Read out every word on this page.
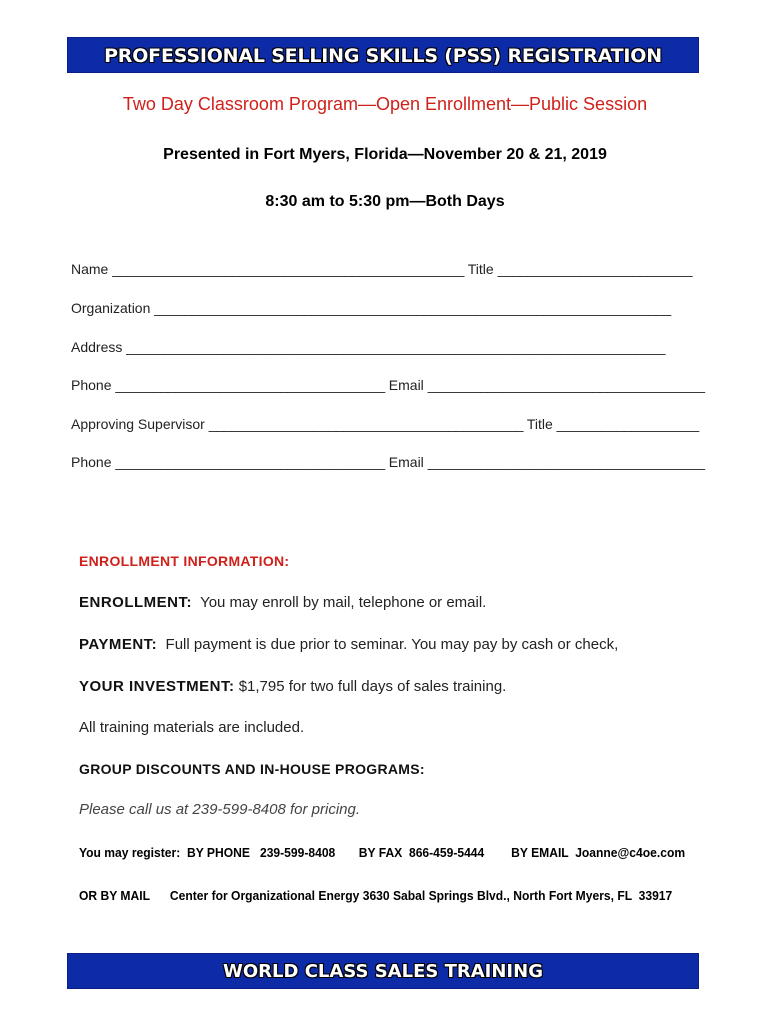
PROFESSIONAL SELLING SKILLS (PSS) REGISTRATION
Two Day Classroom Program—Open Enrollment—Public Session
Presented in Fort Myers, Florida—November 20 & 21, 2019
8:30 am to 5:30 pm—Both Days
Name _______________________________________________ Title __________________________
Organization _____________________________________________________________________
Address ________________________________________________________________________
Phone ____________________________________ Email _____________________________________
Approving Supervisor __________________________________________ Title ___________________
Phone ____________________________________ Email _____________________________________
ENROLLMENT INFORMATION:
ENROLLMENT: You may enroll by mail, telephone or email.
PAYMENT: Full payment is due prior to seminar. You may pay by cash or check,
YOUR INVESTMENT: $1,795 for two full days of sales training.
All training materials are included.
GROUP DISCOUNTS AND IN-HOUSE PROGRAMS:
Please call us at 239-599-8408 for pricing.
You may register: BY PHONE   239-599-8408 BY FAX  866-459-5444 BY EMAIL  Joanne@c4oe.com
OR BY MAIL Center for Organizational Energy 3630 Sabal Springs Blvd., North Fort Myers, FL  33917
WORLD CLASS SALES TRAINING
